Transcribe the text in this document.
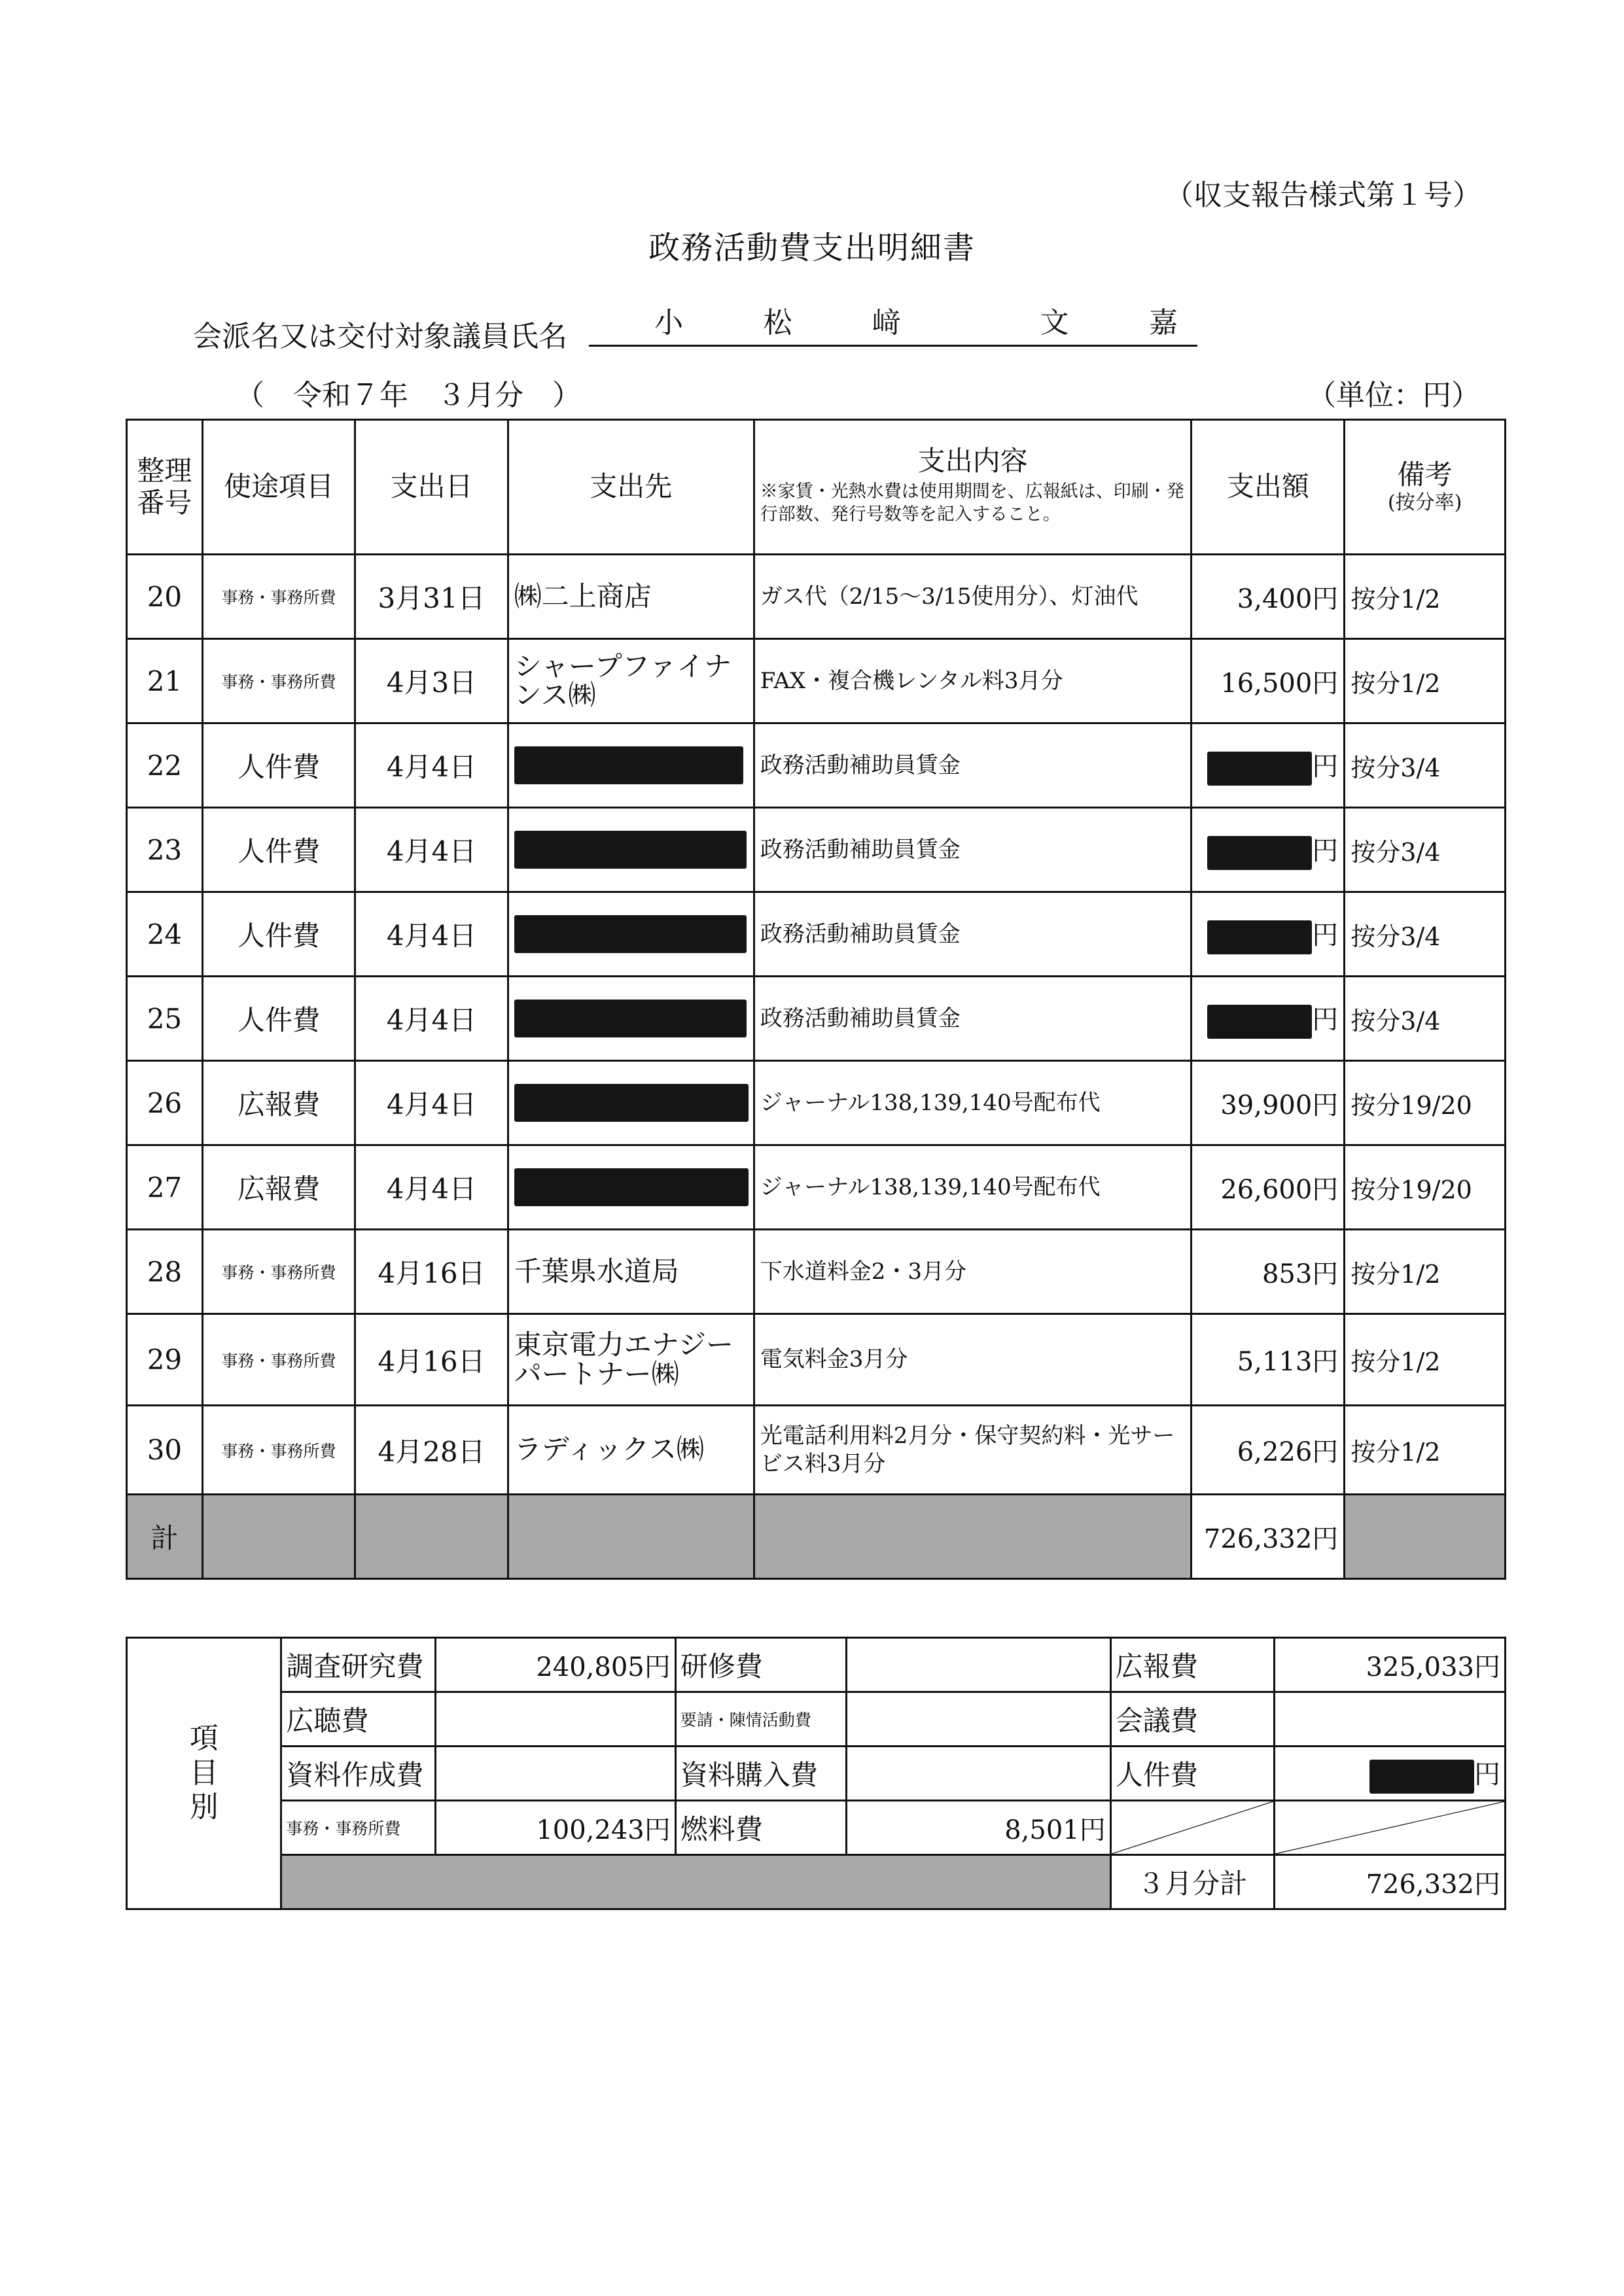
（収支報告様式第１号）
政務活動費支出明細書
会派名又は交付対象議員氏名	小	松	﨑	文	嘉
（　令和７年　３月分　）	（単位：円）
整理番号	使途項目	支出日	支出先	支出内容
※家賃・光熱水費は使用期間を、広報紙は、印刷・発行部数、発行号数等を記入すること。	支出額	備考
(按分率)

20	事務・事務所費	3月31日	㈱二上商店	ガス代（2/15～3/15使用分）、灯油代	3,400円	按分1/2
21	事務・事務所費	4月3日	シャープファイナンス㈱	FAX・複合機レンタル料3月分	16,500円	按分1/2
22	人件費	4月4日		政務活動補助員賃金	円	按分3/4
23	人件費	4月4日		政務活動補助員賃金	円	按分3/4
24	人件費	4月4日		政務活動補助員賃金	円	按分3/4
25	人件費	4月4日		政務活動補助員賃金	円	按分3/4
26	広報費	4月4日		ジャーナル138,139,140号配布代	39,900円	按分19/20
27	広報費	4月4日		ジャーナル138,139,140号配布代	26,600円	按分19/20
28	事務・事務所費	4月16日	千葉県水道局	下水道料金2・3月分	853円	按分1/2
29	事務・事務所費	4月16日	東京電力エナジーパートナー㈱	電気料金3月分	5,113円	按分1/2
30	事務・事務所費	4月28日	ラディックス㈱	光電話利用料2月分・保守契約料・光サービス料3月分	6,226円	按分1/2
計					726,332円	
項目別	調査研究費	240,805円	研修費		広報費	325,033円
	広聴費		要請・陳情活動費		会議費	
	資料作成費		資料購入費		人件費	円
	事務・事務所費	100,243円	燃料費	8,501円	

					３月分計	726,332円
